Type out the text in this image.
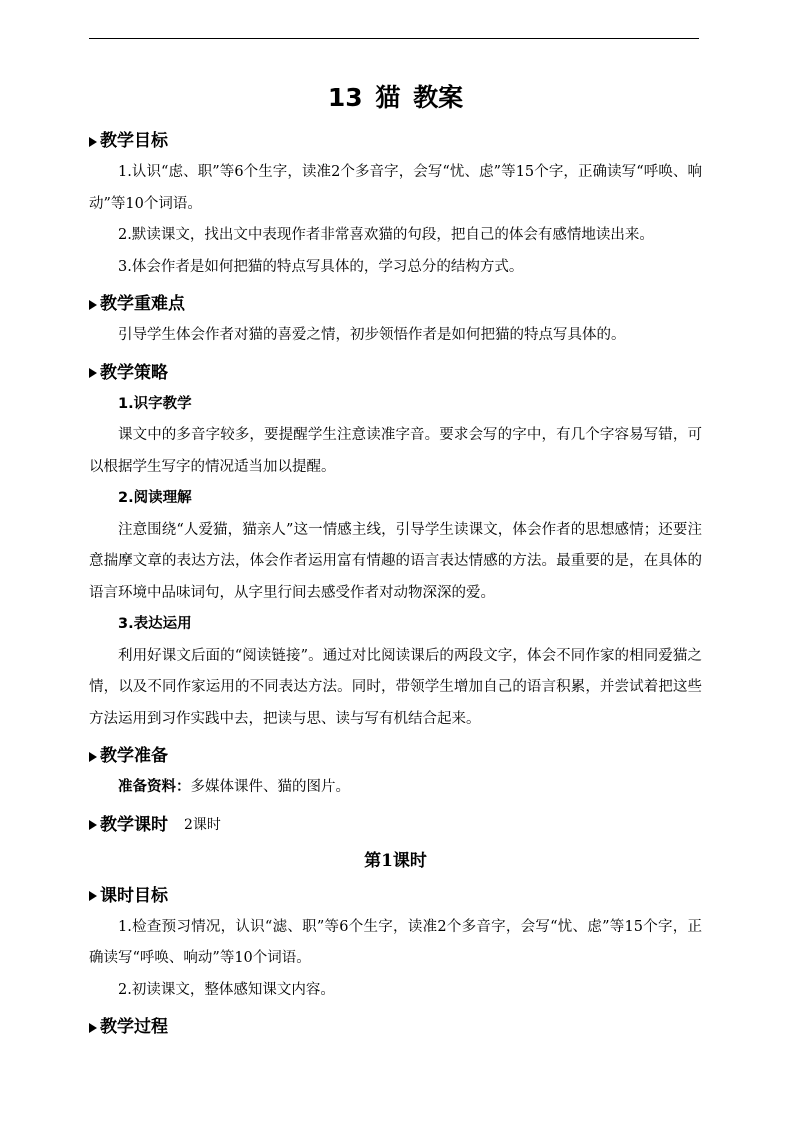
13 猫 教案
教学目标

1.认识“虑、职”等6个生字，读准2个多音字，会写“忧、虑”等15个字，正确读写“呼唤、响动”等10个词语。

2.默读课文，找出文中表现作者非常喜欢猫的句段，把自己的体会有感情地读出来。

3.体会作者是如何把猫的特点写具体的，学习总分的结构方式。

教学重难点

引导学生体会作者对猫的喜爱之情，初步领悟作者是如何把猫的特点写具体的。

教学策略

1.识字教学

课文中的多音字较多，要提醒学生注意读准字音。要求会写的字中，有几个字容易写错，可以根据学生写字的情况适当加以提醒。

2.阅读理解

注意围绕“人爱猫，猫亲人”这一情感主线，引导学生读课文，体会作者的思想感情；还要注意揣摩文章的表达方法，体会作者运用富有情趣的语言表达情感的方法。最重要的是，在具体的语言环境中品味词句，从字里行间去感受作者对动物深深的爱。

3.表达运用

利用好课文后面的“阅读链接”。通过对比阅读课后的两段文字，体会不同作家的相同爱猫之情，以及不同作家运用的不同表达方法。同时，带领学生增加自己的语言积累，并尝试着把这些方法运用到习作实践中去，把读与思、读与写有机结合起来。

教学准备

准备资料：多媒体课件、猫的图片。

教学课时 2课时
第1课时
课时目标

1.检查预习情况，认识“滤、职”等6个生字，读准2个多音字，会写“忧、虑”等15个字，正确读写“呼唤、响动”等10个词语。

2.初读课文，整体感知课文内容。

教学过程
